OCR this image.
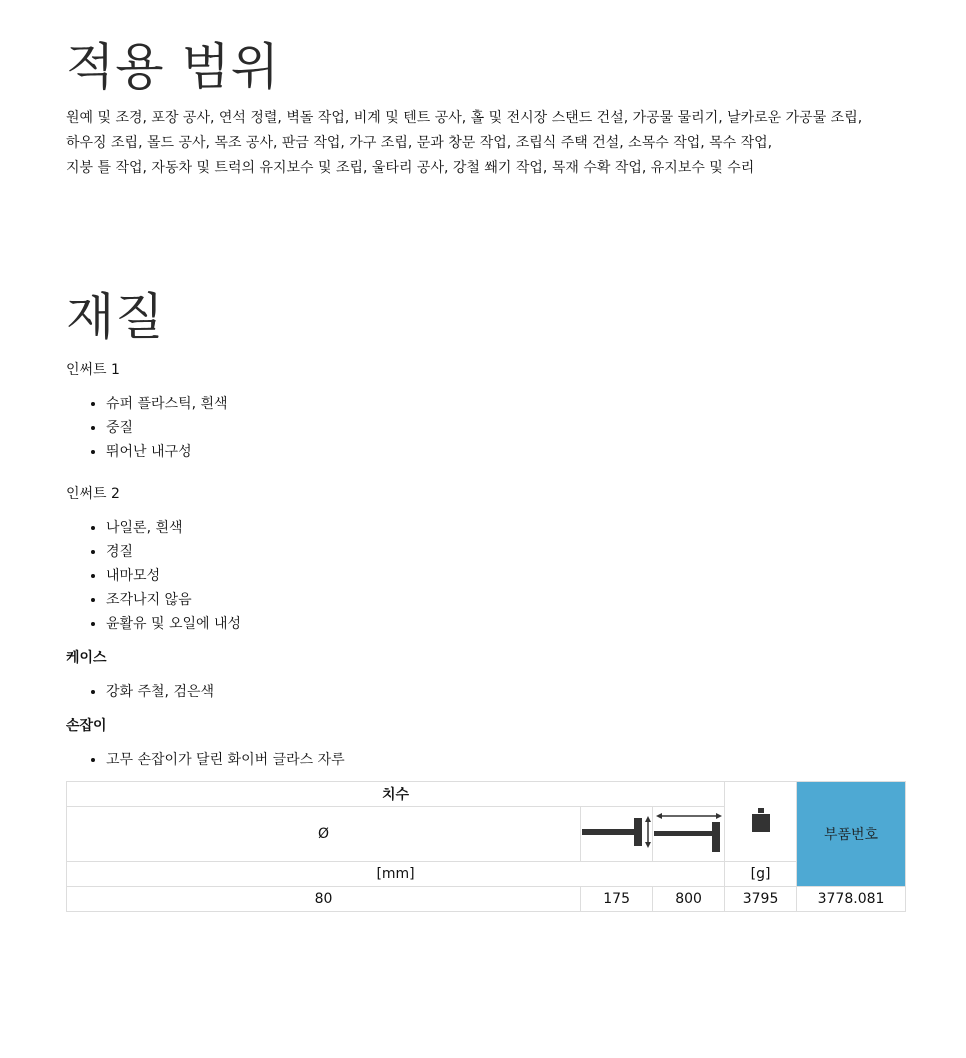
적용 범위
원예 및 조경, 포장 공사, 연석 정렬, 벽돌 작업, 비계 및 텐트 공사, 홀 및 전시장 스탠드 건설, 가공물 물리기, 날카로운 가공물 조립,
하우징 조립, 몰드 공사, 목조 공사, 판금 작업, 가구 조립, 문과 창문 작업, 조립식 주택 건설, 소목수 작업, 목수 작업,
지붕 틀 작업, 자동차 및 트럭의 유지보수 및 조립, 울타리 공사, 강철 쐐기 작업, 목재 수확 작업, 유지보수 및 수리
재질
인써트 1
• 슈퍼 플라스틱, 흰색
• 중질
• 뛰어난 내구성
인써트 2
• 나일론, 흰색
• 경질
• 내마모성
• 조각나지 않음
• 윤활유 및 오일에 내성
케이스
• 강화 주철, 검은색
손잡이
• 고무 손잡이가 달린 화이버 글라스 자루
치수				부품번호
Ø		
[mm]			[g]	
80	175	800	3795	3778.081
